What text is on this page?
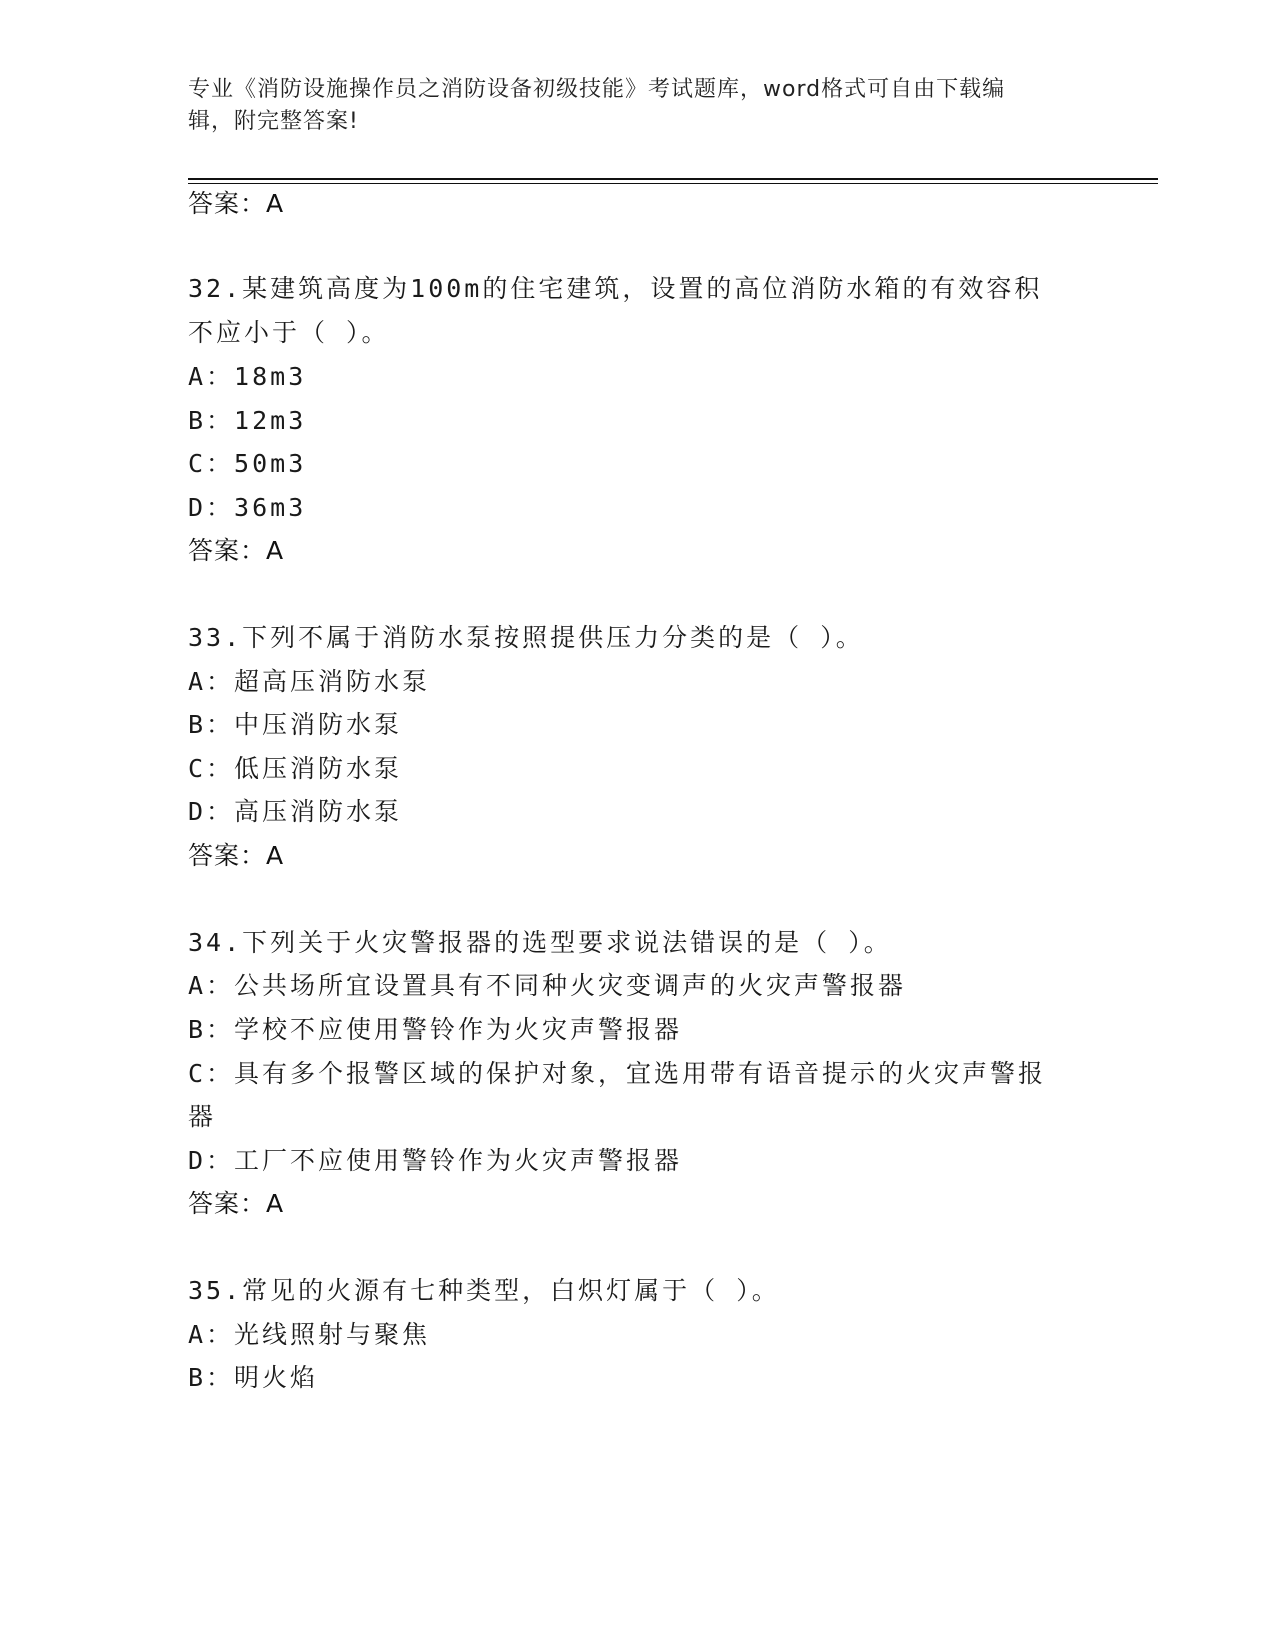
专业《消防设施操作员之消防设备初级技能》考试题库，word格式可自由下载编
辑，附完整答案!
答案：A
32.某建筑高度为100m的住宅建筑，设置的高位消防水箱的有效容积
不应小于（ ）。
A：18m3
B：12m3
C：50m3
D：36m3
答案：A
33.下列不属于消防水泵按照提供压力分类的是（ ）。
A：超高压消防水泵
B：中压消防水泵
C：低压消防水泵
D：高压消防水泵
答案：A
34.下列关于火灾警报器的选型要求说法错误的是（ ）。
A：公共场所宜设置具有不同种火灾变调声的火灾声警报器
B：学校不应使用警铃作为火灾声警报器
C：具有多个报警区域的保护对象，宜选用带有语音提示的火灾声警报
器
D：工厂不应使用警铃作为火灾声警报器
答案：A
35.常见的火源有七种类型，白炽灯属于（ ）。
A：光线照射与聚焦
B：明火焰
